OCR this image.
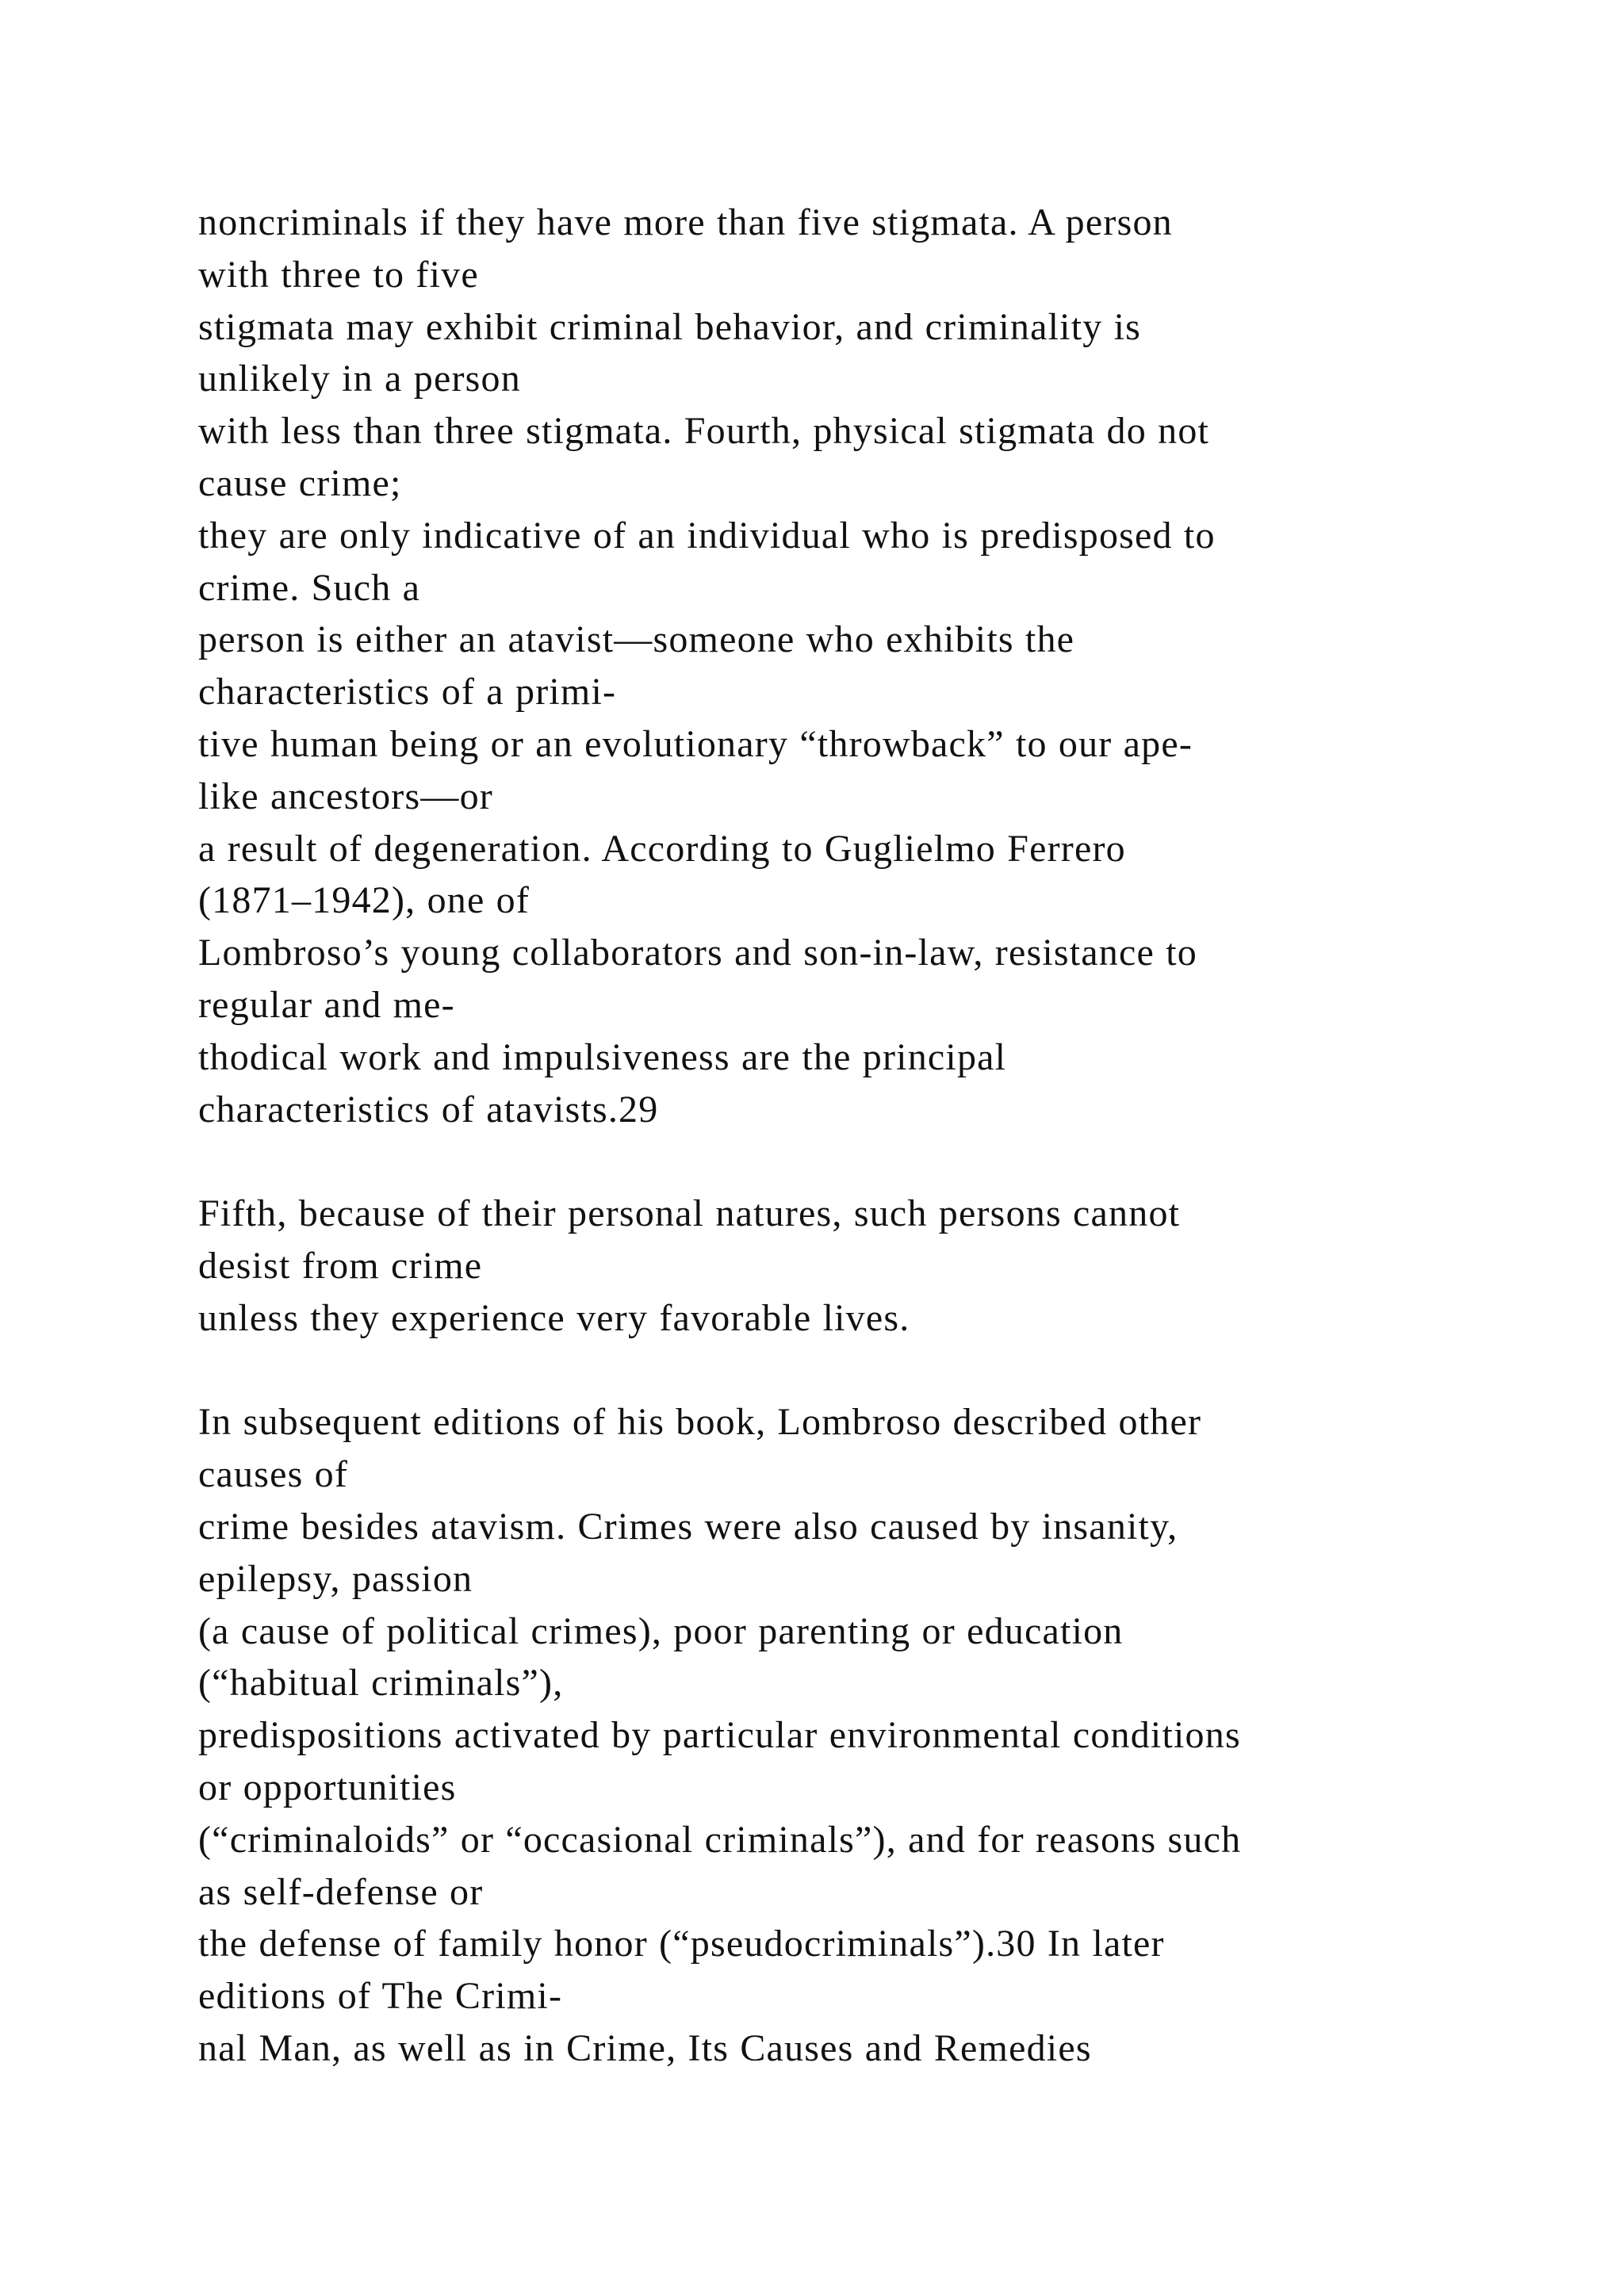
noncriminals if they have more than five stigmata. A person
with three to five
stigmata may exhibit criminal behavior, and criminality is
unlikely in a person
with less than three stigmata. Fourth, physical stigmata do not
cause crime;
they are only indicative of an individual who is predisposed to
crime. Such a
person is either an atavist—someone who exhibits the
characteristics of a primi-
tive human being or an evolutionary “throwback” to our ape-
like ancestors—or
a result of degeneration. According to Guglielmo Ferrero
(1871–1942), one of
Lombroso’s young collaborators and son-in-law, resistance to
regular and me-
thodical work and impulsiveness are the principal
characteristics of atavists.29

Fifth, because of their personal natures, such persons cannot
desist from crime
unless they experience very favorable lives.

In subsequent editions of his book, Lombroso described other
causes of
crime besides atavism. Crimes were also caused by insanity,
epilepsy, passion
(a cause of political crimes), poor parenting or education
(“habitual criminals”),
predispositions activated by particular environmental conditions
or opportunities
(“criminaloids” or “occasional criminals”), and for reasons such
as self-defense or
the defense of family honor (“pseudocriminals”).30 In later
editions of The Crimi-
nal Man, as well as in Crime, Its Causes and Remedies
